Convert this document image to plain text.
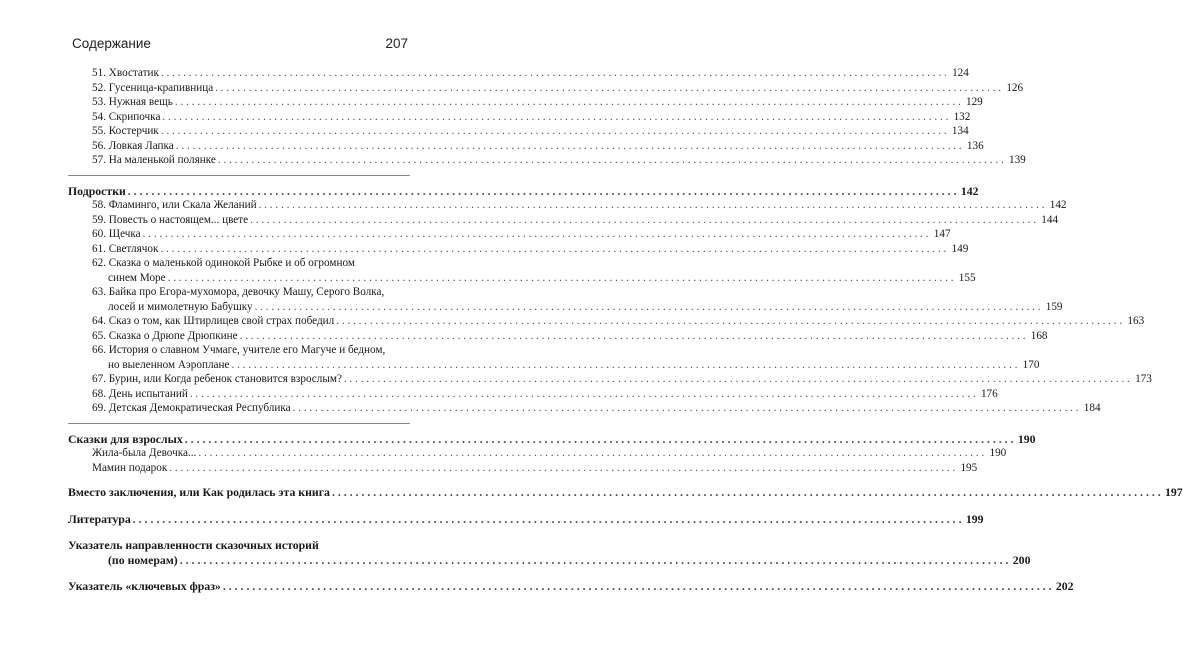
Содержание	207
51. Хвостатик . . .	124
52. Гусеница-крапивница . . .	126
53. Нужная вещь . . .	129
54. Скрипочка . . .	132
55. Костерчик . . .	134
56. Ловкая Лапка . . .	136
57. На маленькой полянке . . .	139
Подростки . . .	142
58. Фламинго, или Скала Желаний . . .	142
59. Повесть о настоящем... цвете . . .	144
60. Щечка . . .	147
61. Светлячок . . .	149
62. Сказка о маленькой одинокой Рыбке и об огромном
синем Море . . .	155
63. Байка про Егора-мухомора, девочку Машу, Серого Волка,
лосей и мимолетную Бабушку . . .	159
64. Сказ о том, как Штирлицев свой страх победил . . .	163
65. Сказка о Дрюпе Дрюпкине . . .	168
66. История о славном Учмаге, учителе его Магуче и бедном,
но выеленном Аэроплане . . .	170
67. Бурин, или Когда ребенок становится взрослым? . . .	173
68. День испытаний . . .	176
69. Детская Демократическая Республика . . .	184
Сказки для взрослых . . .	190
Жила-была Девочка... . . .	190
Мамин подарок . . .	195
Вместо заключения, или Как родилась эта книга . . .	197
Литература . . .	199
Указатель направленности сказочных историй
(по номерам) . . .	200
Указатель «ключевых фраз» . . .	202
